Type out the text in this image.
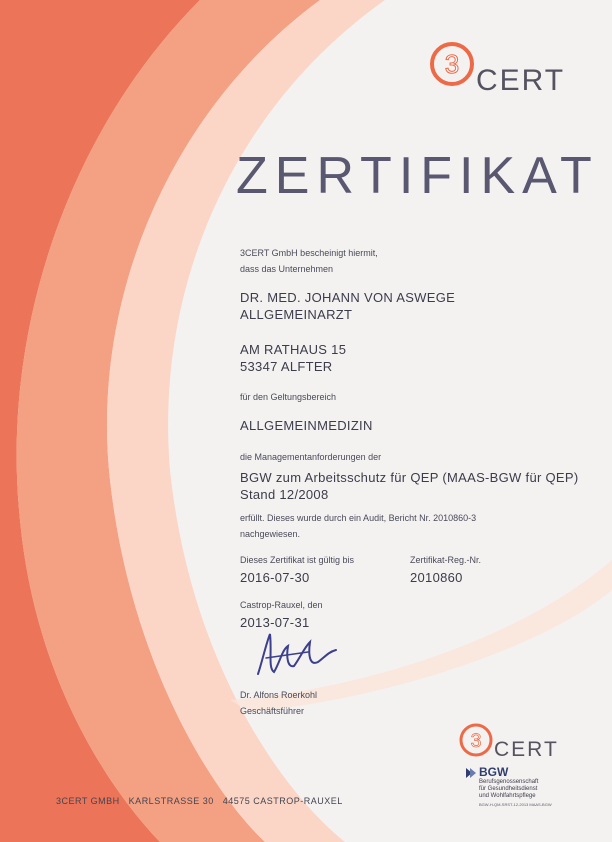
3 CERT
ZERTIFIKAT
3CERT GmbH bescheinigt hiermit,
dass das Unternehmen
DR. MED. JOHANN VON ASWEGE
ALLGEMEINARZT
AM RATHAUS 15
53347 ALFTER
für den Geltungsbereich
ALLGEMEINMEDIZIN
die Managementanforderungen der
BGW zum Arbeitsschutz für QEP (MAAS-BGW für QEP)
Stand 12/2008
erfüllt. Dieses wurde durch ein Audit, Bericht Nr. 2010860-3
nachgewiesen.
Dieses Zertifikat ist gültig bis
2016-07-30
Zertifikat-Reg.-Nr.
2010860
Castrop-Rauxel, den
2013-07-31
Dr. Alfons Roerkohl
Geschäftsführer
3 CERT
BGW
Berufsgenossenschaft
für Gesundheitsdienst
und Wohlfahrtspflege
BGW-H-QM-SRST-12-2013 MAAS-BGW
3CERT GMBH   KARLSTRASSE 30   44575 CASTROP-RAUXEL
